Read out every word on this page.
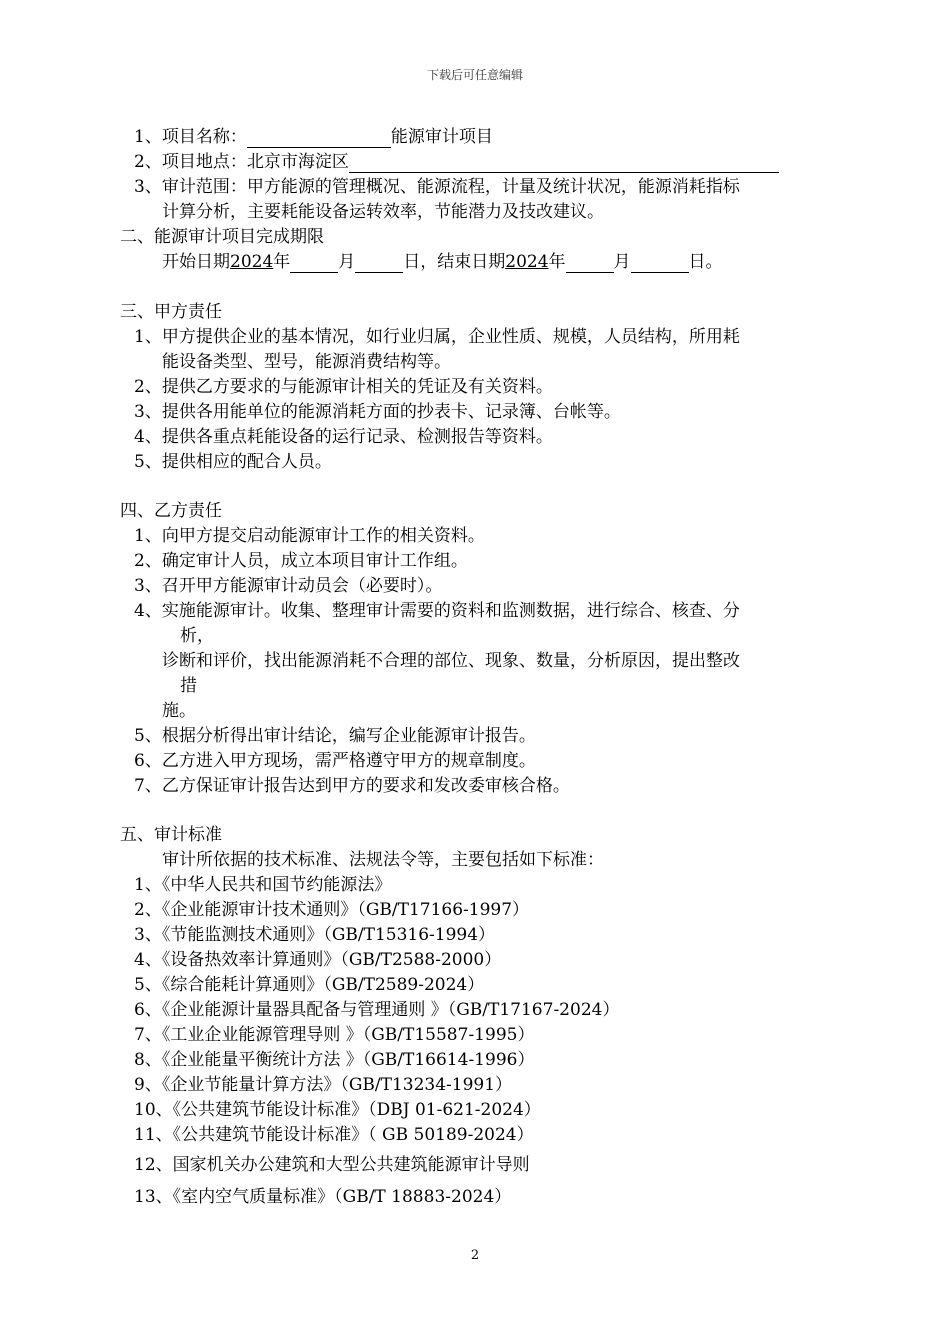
下载后可任意编辑
1、项目名称：	能源审计项目
2、项目地点：北京市海淀区
3、审计范围：甲方能源的管理概况、能源流程，计量及统计状况，能源消耗指标
计算分析，主要耗能设备运转效率，节能潜力及技改建议。
二、能源审计项目完成期限
开始日期2024年	月	日，结束日期2024年	月	日。
三、甲方责任
1、甲方提供企业的基本情况，如行业归属，企业性质、规模，人员结构，所用耗
能设备类型、型号，能源消费结构等。
2、提供乙方要求的与能源审计相关的凭证及有关资料。
3、提供各用能单位的能源消耗方面的抄表卡、记录簿、台帐等。
4、提供各重点耗能设备的运行记录、检测报告等资料。
5、提供相应的配合人员。
四、乙方责任
1、向甲方提交启动能源审计工作的相关资料。
2、确定审计人员，成立本项目审计工作组。
3、召开甲方能源审计动员会（必要时）。
4、实施能源审计。收集、整理审计需要的资料和监测数据，进行综合、核查、分
析，
诊断和评价，找出能源消耗不合理的部位、现象、数量，分析原因，提出整改
措
施。
5、根据分析得出审计结论，编写企业能源审计报告。
6、乙方进入甲方现场，需严格遵守甲方的规章制度。
7、乙方保证审计报告达到甲方的要求和发改委审核合格。
五、审计标准
审计所依据的技术标准、法规法令等，主要包括如下标准：
1、《中华人民共和国节约能源法》
2、《企业能源审计技术通则》（GB/T17166-1997）
3、《节能监测技术通则》（GB/T15316-1994）
4、《设备热效率计算通则》（GB/T2588-2000）
5、《综合能耗计算通则》（GB/T2589-2024）
6、《企业能源计量器具配备与管理通则 》（GB/T17167-2024）
7、《工业企业能源管理导则 》（GB/T15587-1995）
8、《企业能量平衡统计方法 》（GB/T16614-1996）
9、《企业节能量计算方法》（GB/T13234-1991）
10、《公共建筑节能设计标准》（DBJ 01-621-2024）
11、《公共建筑节能设计标准》（ GB 50189-2024）
12、国家机关办公建筑和大型公共建筑能源审计导则
13、《室内空气质量标准》（GB/T 18883-2024）
2
